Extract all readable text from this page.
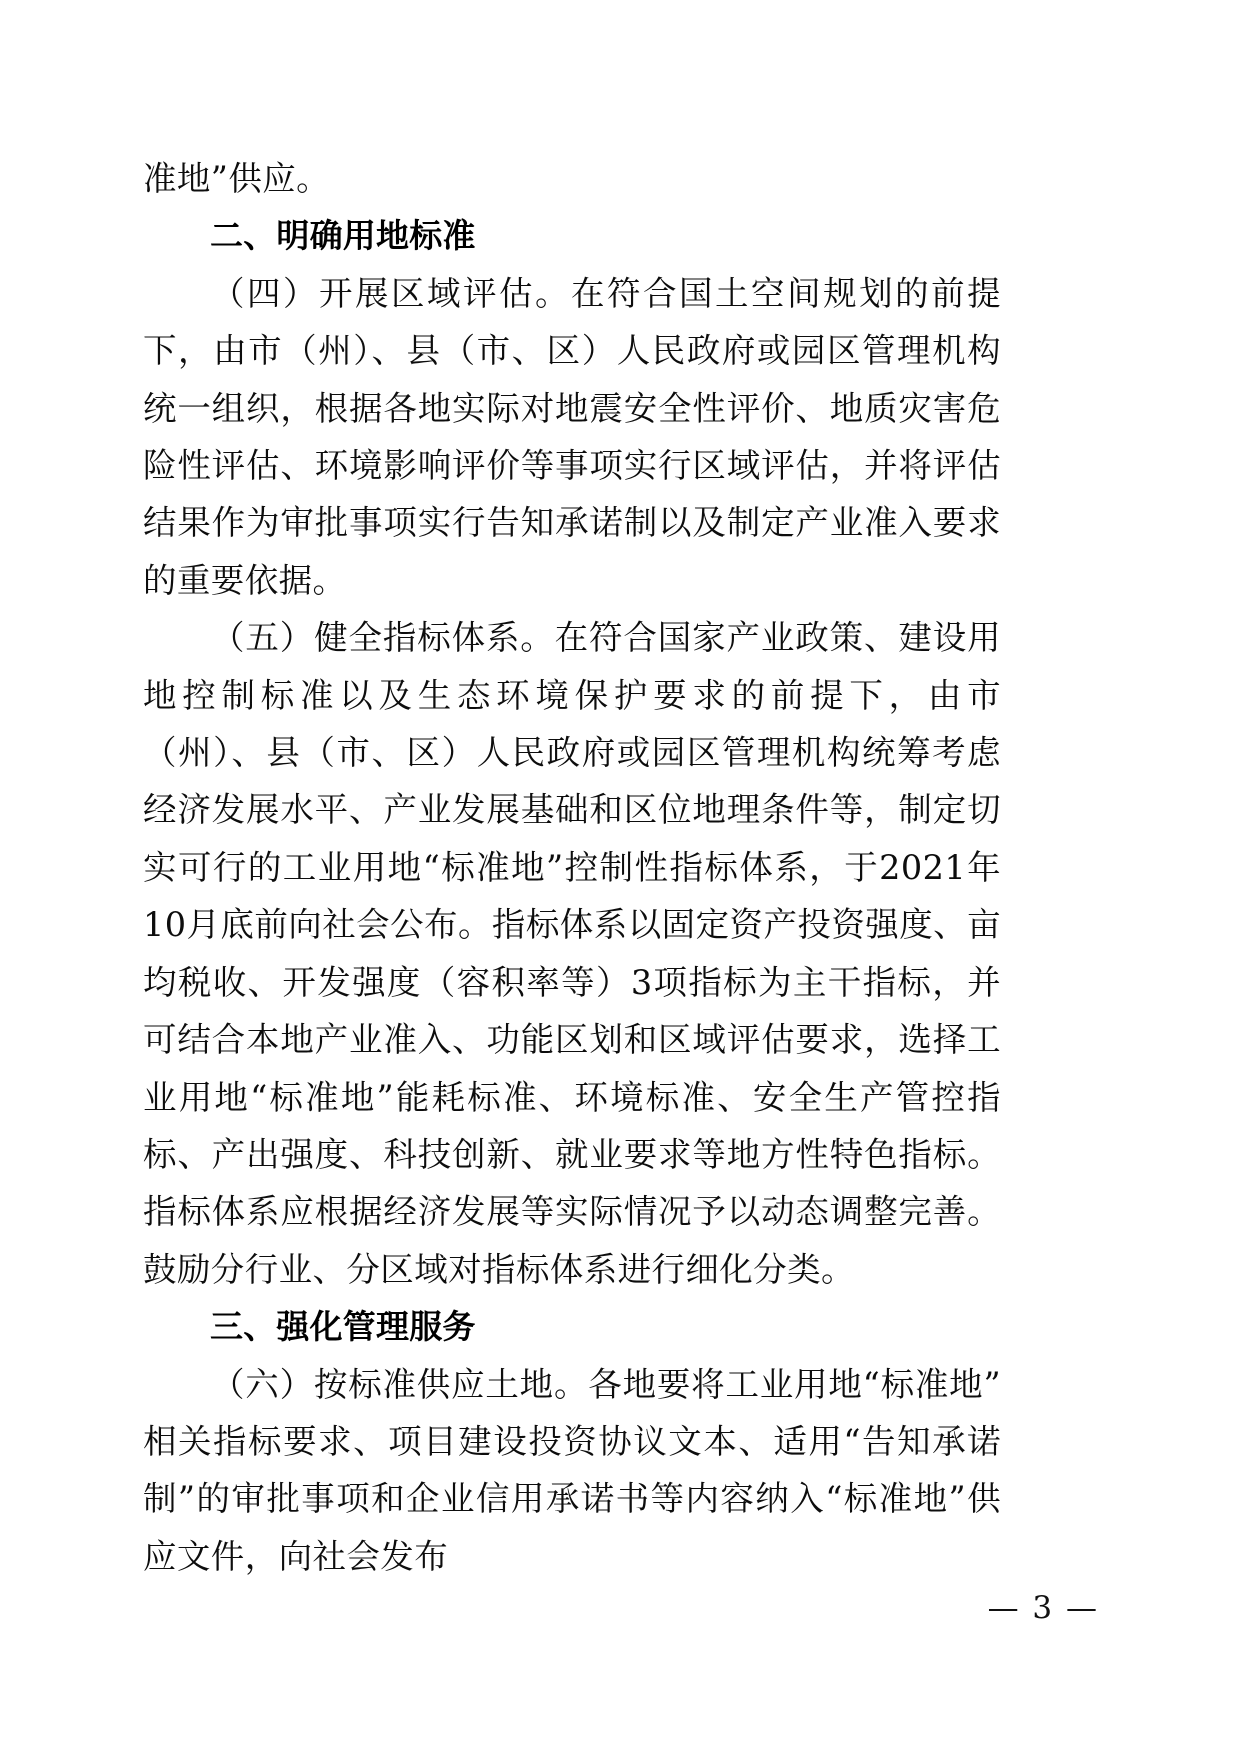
准地”供应。

二、明确用地标准

（四）开展区域评估。在符合国土空间规划的前提下，由市（州）、县（市、区）人民政府或园区管理机构统一组织，根据各地实际对地震安全性评价、地质灾害危险性评估、环境影响评价等事项实行区域评估，并将评估结果作为审批事项实行告知承诺制以及制定产业准入要求的重要依据。

（五）健全指标体系。在符合国家产业政策、建设用地控制标准以及生态环境保护要求的前提下，由市（州）、县（市、区）人民政府或园区管理机构统筹考虑经济发展水平、产业发展基础和区位地理条件等，制定切实可行的工业用地“标准地”控制性指标体系，于2021年10月底前向社会公布。指标体系以固定资产投资强度、亩均税收、开发强度（容积率等）3项指标为主干指标，并可结合本地产业准入、功能区划和区域评估要求，选择工业用地“标准地”能耗标准、环境标准、安全生产管控指标、产出强度、科技创新、就业要求等地方性特色指标。指标体系应根据经济发展等实际情况予以动态调整完善。鼓励分行业、分区域对指标体系进行细化分类。

三、强化管理服务

（六）按标准供应土地。各地要将工业用地“标准地”相关指标要求、项目建设投资协议文本、适用“告知承诺制”的审批事项和企业信用承诺书等内容纳入“标准地”供应文件，向社会发布

— 3 —
